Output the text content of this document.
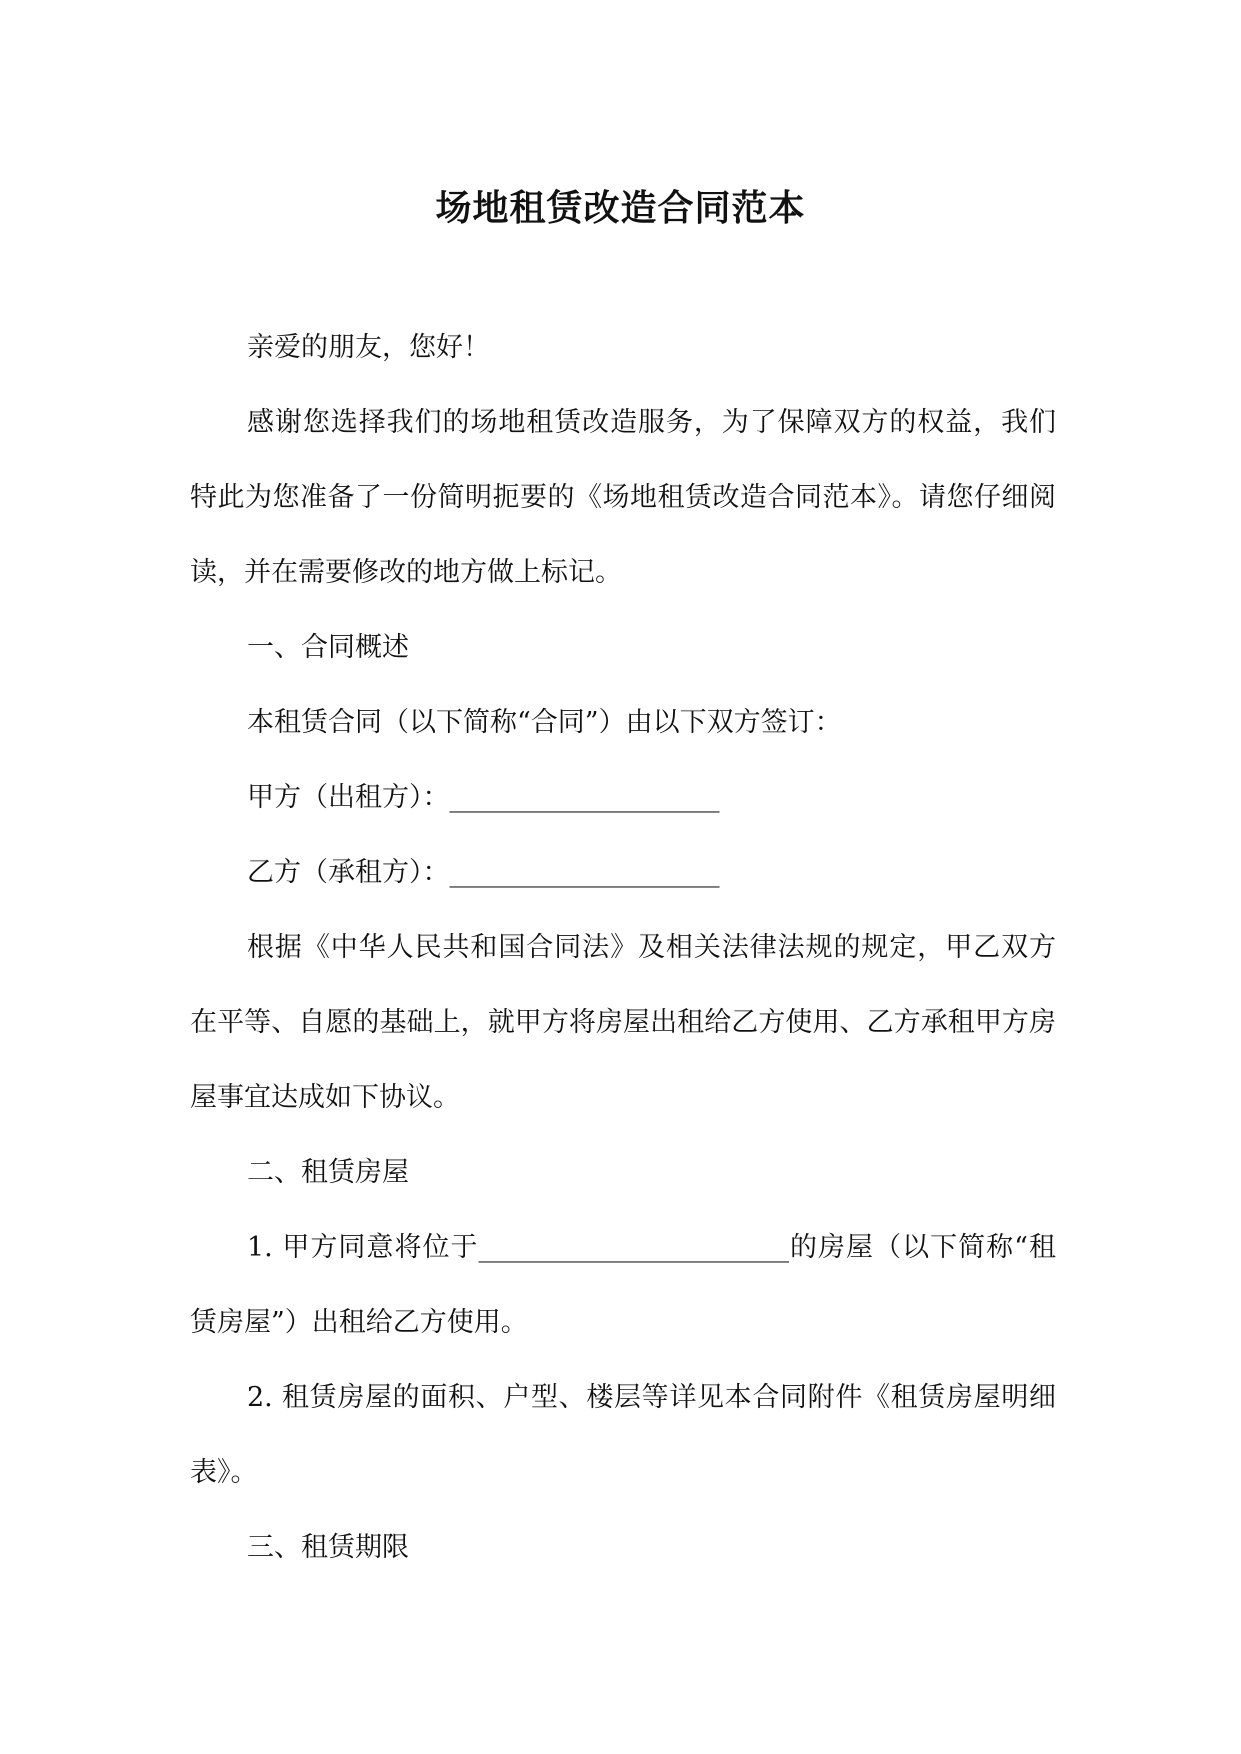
场地租赁改造合同范本

亲爱的朋友，您好！

感谢您选择我们的场地租赁改造服务，为了保障双方的权益，我们特此为您准备了一份简明扼要的《场地租赁改造合同范本》。请您仔细阅读，并在需要修改的地方做上标记。

一、合同概述

本租赁合同（以下简称“合同”）由以下双方签订：

甲方（出租方）：____________________

乙方（承租方）：____________________

根据《中华人民共和国合同法》及相关法律法规的规定，甲乙双方在平等、自愿的基础上，就甲方将房屋出租给乙方使用、乙方承租甲方房屋事宜达成如下协议。

二、租赁房屋

1. 甲方同意将位于_______________________的房屋（以下简称“租赁房屋”）出租给乙方使用。

2. 租赁房屋的面积、户型、楼层等详见本合同附件《租赁房屋明细表》。

三、租赁期限
